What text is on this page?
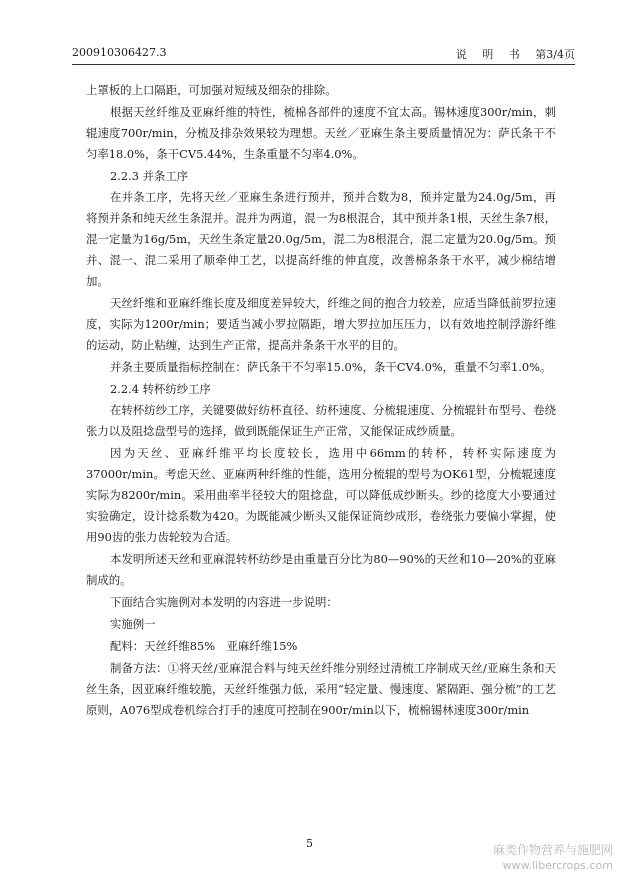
200910306427.3	说 明 书 第3/4页

上罩板的上口隔距，可加强对短绒及细杂的排除。

根据天丝纤维及亚麻纤维的特性，梳棉各部件的速度不宜太高。锡林速度300r/min，刺辊速度700r/min，分梳及排杂效果较为理想。天丝／亚麻生条主要质量情况为：萨氏条干不匀率18.0%，条干CV5.44%，生条重量不匀率4.0%。

2.2.3 并条工序

在并条工序，先将天丝／亚麻生条进行预并，预并合数为8，预并定量为24.0g/5m，再将预并条和纯天丝生条混并。混并为两道，混一为8根混合，其中预并条1根，天丝生条7根，混一定量为16g/5m，天丝生条定量20.0g/5m，混二为8根混合，混二定量为20.0g/5m。预并、混一、混二采用了顺牵伸工艺，以提高纤维的伸直度，改善棉条条干水平，减少棉结增加。

天丝纤维和亚麻纤维长度及细度差异较大，纤维之间的抱合力较差，应适当降低前罗拉速度，实际为1200r/min；要适当减小罗拉隔距，增大罗拉加压压力，以有效地控制浮游纤维的运动，防止粘缠，达到生产正常，提高并条条干水平的目的。

并条主要质量指标控制在：萨氏条干不匀率15.0%，条干CV4.0%，重量不匀率1.0%。

2.2.4 转杯纺纱工序

在转杯纺纱工序，关键要做好纺杯直径、纺杯速度、分梳辊速度、分梳辊针布型号、卷绕张力以及阻捻盘型号的选择，做到既能保证生产正常，又能保证成纱质量。

因为天丝、亚麻纤维平均长度较长，选用中66mm的转杯，转杯实际速度为37000r/min。考虑天丝、亚麻两种纤维的性能，选用分梳辊的型号为OK61型，分梳辊速度实际为8200r/min。采用曲率半径较大的阻捻盘，可以降低成纱断头。纱的捻度大小要通过实验确定，设计捻系数为420。为既能减少断头又能保证筒纱成形，卷绕张力要偏小掌握，使用90齿的张力齿轮较为合适。

本发明所述天丝和亚麻混转杯纺纱是由重量百分比为80—90%的天丝和10—20%的亚麻制成的。

下面结合实施例对本发明的内容进一步说明：

实施例一

配料：天丝纤维85%　亚麻纤维15%

制备方法：①将天丝/亚麻混合料与纯天丝纤维分别经过清梳工序制成天丝/亚麻生条和天丝生条，因亚麻纤维较脆，天丝纤维强力低，采用“轻定量、慢速度、紧隔距、强分梳”的工艺原则，A076型成卷机综合打手的速度可控制在900r/min以下，梳棉锡林速度300r/min

5	麻类作物营养与施肥网
www.libercrops.com
